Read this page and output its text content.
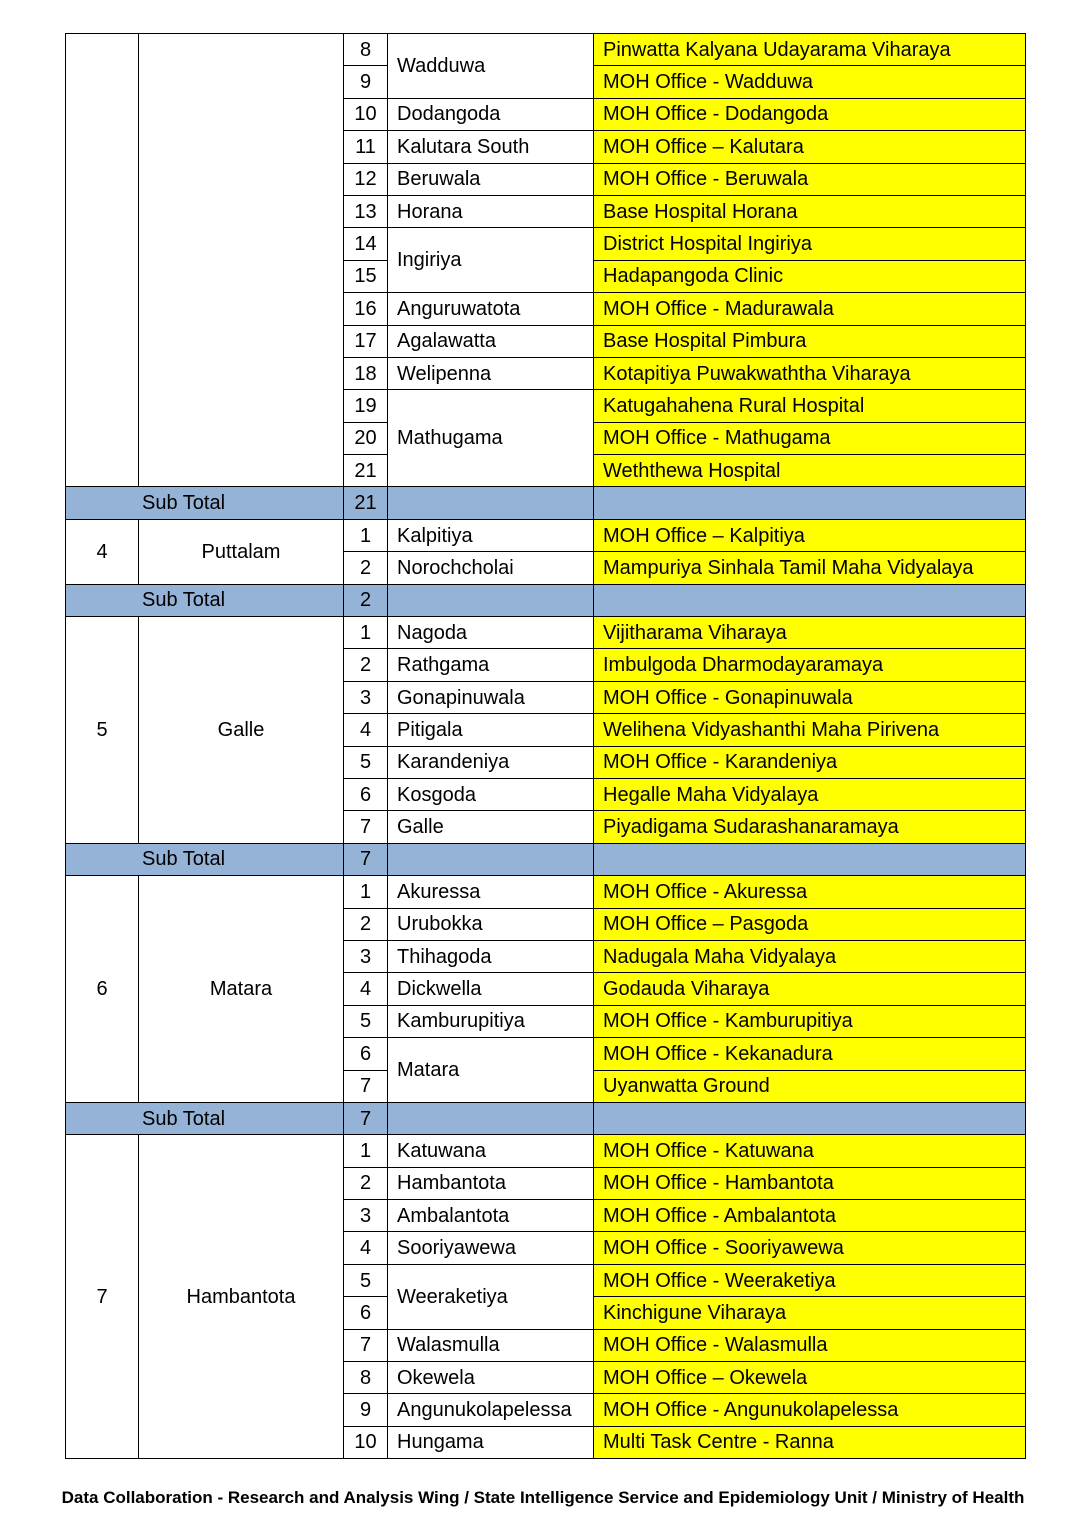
		8	Wadduwa	Pinwatta Kalyana Udayarama Viharaya
		9		MOH Office - Wadduwa
		10	Dodangoda	MOH Office - Dodangoda
		11	Kalutara South	MOH Office – Kalutara
		12	Beruwala	MOH Office - Beruwala
		13	Horana	Base Hospital Horana
		14	Ingiriya	District Hospital Ingiriya
		15		Hadapangoda Clinic
		16	Anguruwatota	MOH Office - Madurawala
		17	Agalawatta	Base Hospital Pimbura
		18	Welipenna	Kotapitiya Puwakwaththa Viharaya
		19	Mathugama	Katugahahena Rural Hospital
		20		MOH Office - Mathugama
		21		Weththewa Hospital
Sub Total		21		
4	Puttalam	1	Kalpitiya	MOH Office – Kalpitiya
		2	Norochcholai	Mampuriya Sinhala Tamil Maha Vidyalaya
Sub Total		2		
5	Galle	1	Nagoda	Vijitharama Viharaya
		2	Rathgama	Imbulgoda Dharmodayaramaya
		3	Gonapinuwala	MOH Office - Gonapinuwala
		4	Pitigala	Welihena Vidyashanthi Maha Pirivena
		5	Karandeniya	MOH Office - Karandeniya
		6	Kosgoda	Hegalle Maha Vidyalaya
		7	Galle	Piyadigama Sudarashanaramaya
Sub Total		7		
6	Matara	1	Akuressa	MOH Office - Akuressa
		2	Urubokka	MOH Office – Pasgoda
		3	Thihagoda	Nadugala Maha Vidyalaya
		4	Dickwella	Godauda Viharaya
		5	Kamburupitiya	MOH Office - Kamburupitiya
		6	Matara	MOH Office - Kekanadura
		7		Uyanwatta Ground
Sub Total		7		
7	Hambantota	1	Katuwana	MOH Office - Katuwana
		2	Hambantota	MOH Office - Hambantota
		3	Ambalantota	MOH Office - Ambalantota
		4	Sooriyawewa	MOH Office - Sooriyawewa
		5	Weeraketiya	MOH Office - Weeraketiya
		6		Kinchigune Viharaya
		7	Walasmulla	MOH Office - Walasmulla
		8	Okewela	MOH Office – Okewela
		9	Angunukolapelessa	MOH Office - Angunukolapelessa
		10	Hungama	Multi Task Centre - Ranna
Data Collaboration - Research and Analysis Wing / State Intelligence Service and Epidemiology Unit / Ministry of Health
